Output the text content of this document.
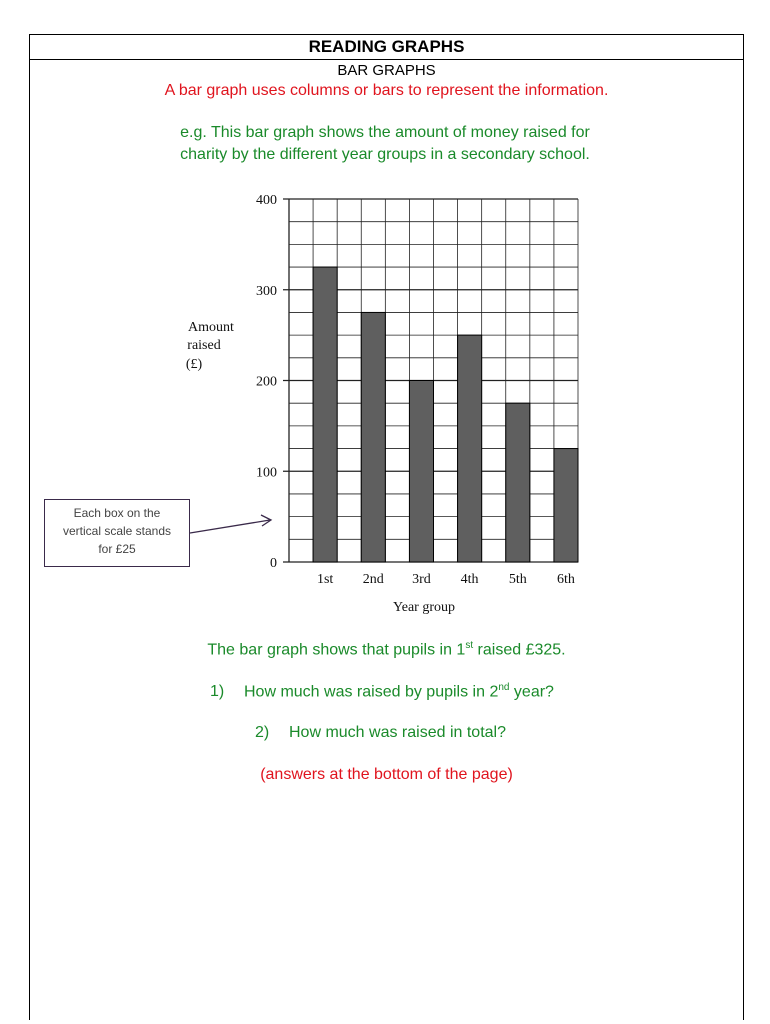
READING GRAPHS
BAR GRAPHS
A bar graph uses columns or bars to represent the information.
e.g. This bar graph shows the amount of money raised for
charity by the different year groups in a secondary school.
0
100
200
300
400
1st 2nd 3rd 4th 5th 6th
Amount
raised
(£)
Year group
Each box on the
vertical scale stands
for £25
The bar graph shows that pupils in 1st raised £325.
1) How much was raised by pupils in 2nd year?
2) How much was raised in total?
(answers at the bottom of the page)
